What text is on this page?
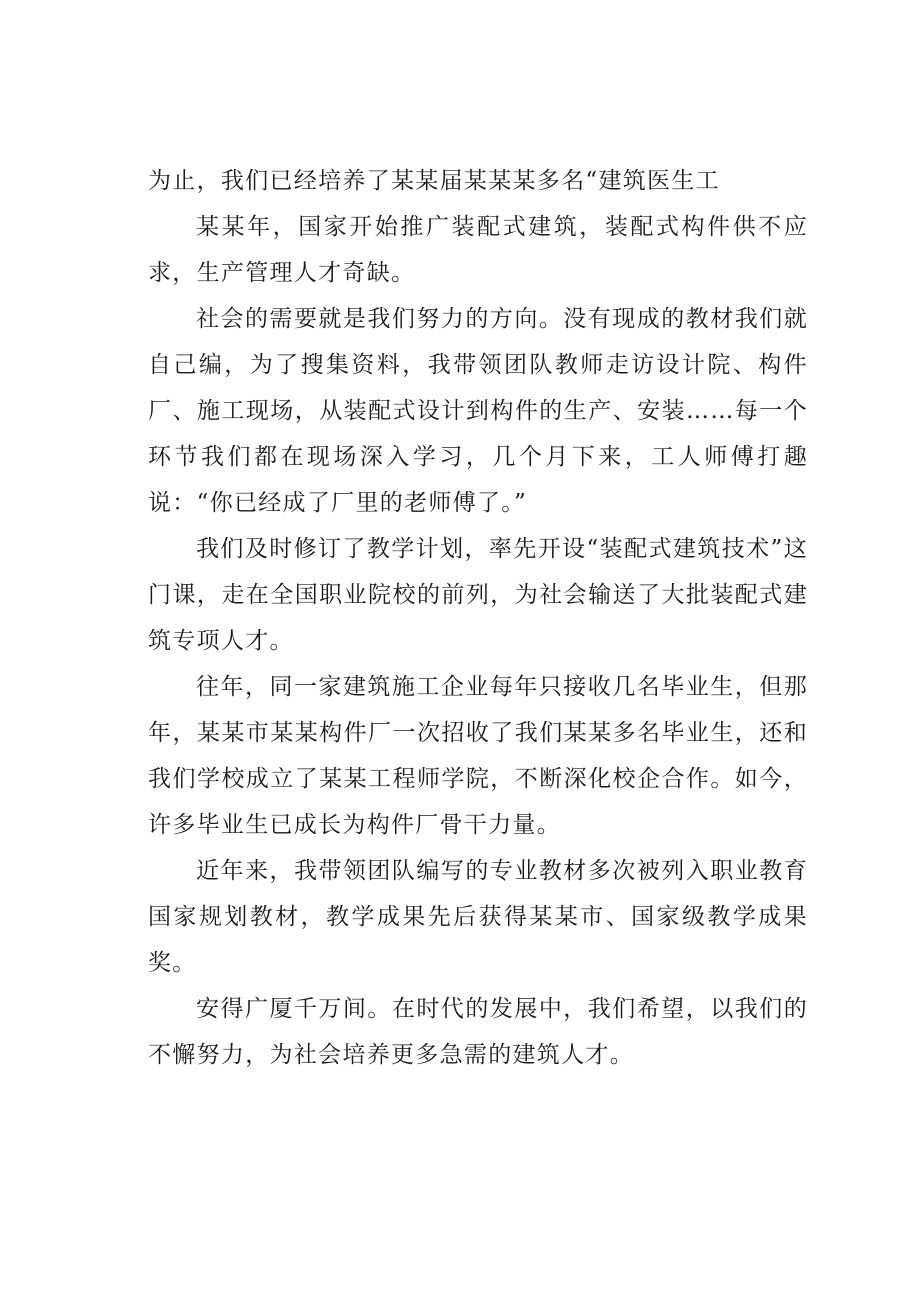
为止，我们已经培养了某某届某某某多名“建筑医生工

某某年，国家开始推广装配式建筑，装配式构件供不应求，生产管理人才奇缺。

社会的需要就是我们努力的方向。没有现成的教材我们就自己编，为了搜集资料，我带领团队教师走访设计院、构件厂、施工现场，从装配式设计到构件的生产、安装……每一个环节我们都在现场深入学习，几个月下来，工人师傅打趣说：“你已经成了厂里的老师傅了。”

我们及时修订了教学计划，率先开设“装配式建筑技术”这门课，走在全国职业院校的前列，为社会输送了大批装配式建筑专项人才。

往年，同一家建筑施工企业每年只接收几名毕业生，但那年，某某市某某构件厂一次招收了我们某某多名毕业生，还和我们学校成立了某某工程师学院，不断深化校企合作。如今，许多毕业生已成长为构件厂骨干力量。

近年来，我带领团队编写的专业教材多次被列入职业教育国家规划教材，教学成果先后获得某某市、国家级教学成果奖。

安得广厦千万间。在时代的发展中，我们希望，以我们的不懈努力，为社会培养更多急需的建筑人才。
